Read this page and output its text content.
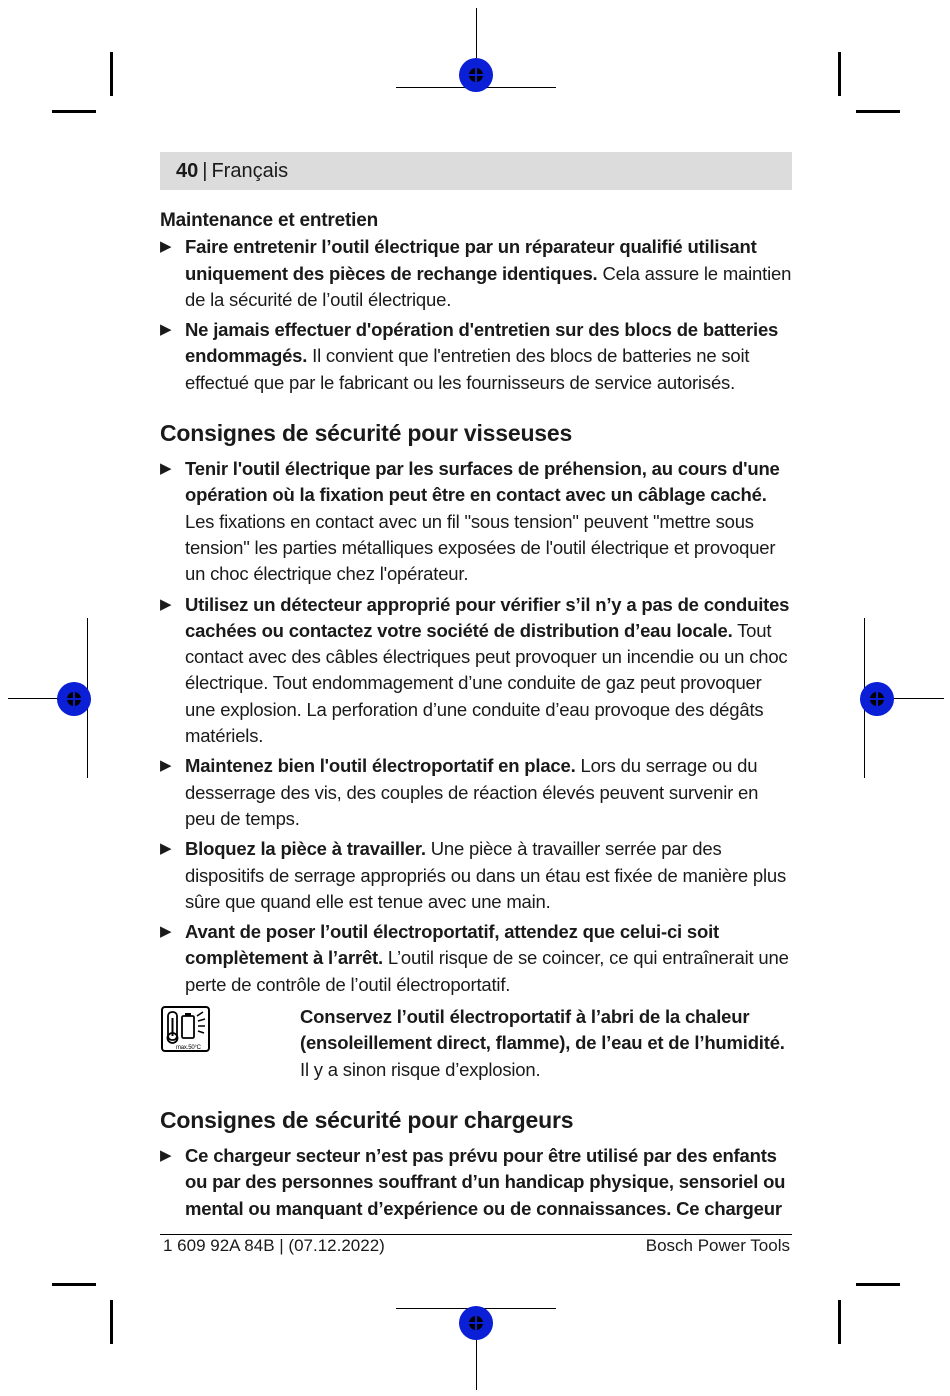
40 | Français

Maintenance et entretien

▶ Faire entretenir l’outil électrique par un réparateur qualifié utilisant uniquement des pièces de rechange identiques. Cela assure le maintien de la sécurité de l’outil électrique.
▶ Ne jamais effectuer d'opération d'entretien sur des blocs de batteries endommagés. Il convient que l'entretien des blocs de batteries ne soit effectué que par le fabricant ou les fournisseurs de service autorisés.
Consignes de sécurité pour visseuses
▶ Tenir l'outil électrique par les surfaces de préhension, au cours d'une opération où la fixation peut être en contact avec un câblage caché. Les fixations en contact avec un fil "sous tension" peuvent "mettre sous tension" les parties métalliques exposées de l'outil électrique et provoquer un choc électrique chez l'opérateur.
▶ Utilisez un détecteur approprié pour vérifier s’il n’y a pas de conduites cachées ou contactez votre société de distribution d’eau locale. Tout contact avec des câbles électriques peut provoquer un incendie ou un choc électrique. Tout endommagement d’une conduite de gaz peut provoquer une explosion. La perforation d’une conduite d’eau provoque des dégâts matériels.
▶ Maintenez bien l'outil électroportatif en place. Lors du serrage ou du desserrage des vis, des couples de réaction élevés peuvent survenir en peu de temps.
▶ Bloquez la pièce à travailler. Une pièce à travailler serrée par des dispositifs de serrage appropriés ou dans un étau est fixée de manière plus sûre que quand elle est tenue avec une main.
▶ Avant de poser l’outil électroportatif, attendez que celui-ci soit complètement à l’arrêt. L’outil risque de se coincer, ce qui entraînerait une perte de contrôle de l’outil électroportatif.
max.50°C
Conservez l’outil électroportatif à l’abri de la chaleur (ensoleillement direct, flamme), de l’eau et de l’humidité. Il y a sinon risque d’explosion.
Consignes de sécurité pour chargeurs
▶ Ce chargeur secteur n’est pas prévu pour être utilisé par des enfants ou par des personnes souffrant d’un handicap physique, sensoriel ou mental ou manquant d’expérience ou de connaissances. Ce chargeur
1 609 92A 84B | (07.12.2022)	Bosch Power Tools
